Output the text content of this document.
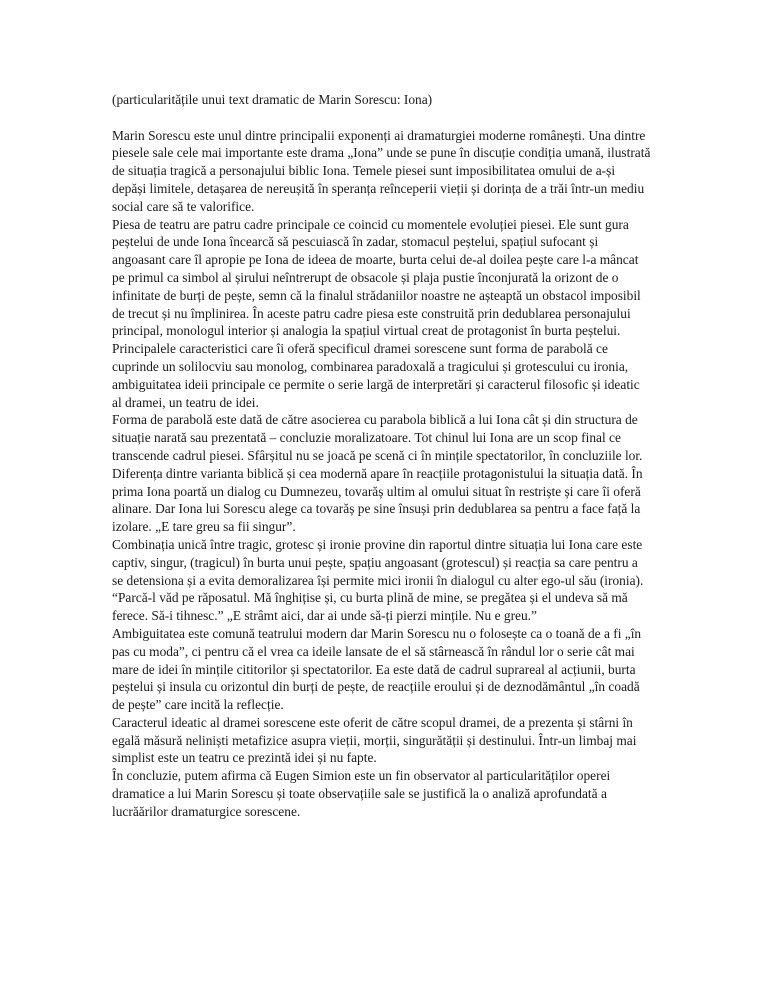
(particularitățile unui text dramatic de Marin Sorescu: Iona)

Marin Sorescu este unul dintre principalii exponenți ai dramaturgiei moderne românești. Una dintre piesele sale cele mai importante este drama „Iona” unde se pune în discuție condiția umană, ilustrată de situația tragică a personajului biblic Iona. Temele piesei sunt imposibilitatea omului de a-și depăși limitele, detașarea de nereușită în speranța reînceperii vieții și dorința de a trăi într-un mediu social care să te valorifice.

Piesa de teatru are patru cadre principale ce coincid cu momentele evoluției piesei. Ele sunt gura peștelui de unde Iona încearcă să pescuiască în zadar, stomacul peștelui, spațiul sufocant și angoasant care îl apropie pe Iona de ideea de moarte, burta celui de-al doilea pește care l-a mâncat pe primul ca simbol al șirului neîntrerupt de obsacole și plaja pustie înconjurată la orizont de o infinitate de burți de pește, semn că la finalul strădaniilor noastre ne așteaptă un obstacol imposibil de trecut și nu împlinirea. În aceste patru cadre piesa este construită prin dedublarea personajului principal, monologul interior și analogia la spațiul virtual creat de protagonist în burta peștelui.

Principalele caracteristici care îi oferă specificul dramei sorescene sunt forma de parabolă ce cuprinde un solilocviu sau monolog, combinarea paradoxală a tragicului și grotescului cu ironia, ambiguitatea ideii principale ce permite o serie largă de interpretări și caracterul filosofic și ideatic al dramei, un teatru de idei.

Forma de parabolă este dată de către asocierea cu parabola biblică a lui Iona cât și din structura de situație narată sau prezentată – concluzie moralizatoare. Tot chinul lui Iona are un scop final ce transcende cadrul piesei. Sfârșitul nu se joacă pe scenă ci în mințile spectatorilor, în concluziile lor. Diferența dintre varianta biblică și cea modernă apare în reacțiile protagonistului la situația dată. În prima Iona poartă un dialog cu Dumnezeu, tovarăș ultim al omului situat în restriște și care îi oferă alinare. Dar Iona lui Sorescu alege ca tovarăș pe sine însuși prin dedublarea sa pentru a face față la izolare. „E tare greu sa fii singur”.

Combinația unică între tragic, grotesc și ironie provine din raportul dintre situația lui Iona care este captiv, singur, (tragicul) în burta unui pește, spațiu angoasant (grotescul) și reacția sa care pentru a se detensiona și a evita demoralizarea își permite mici ironii în dialogul cu alter ego-ul său (ironia). “Parcă-l văd pe răposatul. Mă înghițise și, cu burta plină de mine, se pregătea și el undeva să mă ferece. Să-i tihnesc.” „E strâmt aici, dar ai unde să-ți pierzi mințile. Nu e greu.”

Ambiguitatea este comună teatrului modern dar Marin Sorescu nu o folosește ca o toană de a fi „în pas cu moda”, ci pentru că el vrea ca ideile lansate de el să stârnească în rândul lor o serie cât mai mare de idei în mințile cititorilor și spectatorilor. Ea este dată de cadrul suprareal al acțiunii, burta peștelui și insula cu orizontul din burți de pește, de reacțiile eroului și de deznodământul „în coadă de pește” care incită la reflecție.

Caracterul ideatic al dramei sorescene este oferit de către scopul dramei, de a prezenta și stârni în egală măsură neliniști metafizice asupra vieții, morții, singurătății și destinului. Într-un limbaj mai simplist este un teatru ce prezintă idei și nu fapte.

În concluzie, putem afirma că Eugen Simion este un fin observator al particularităților operei dramatice a lui Marin Sorescu și toate observațiile sale se justifică la o analiză aprofundată a lucrăărilor dramaturgice sorescene.
